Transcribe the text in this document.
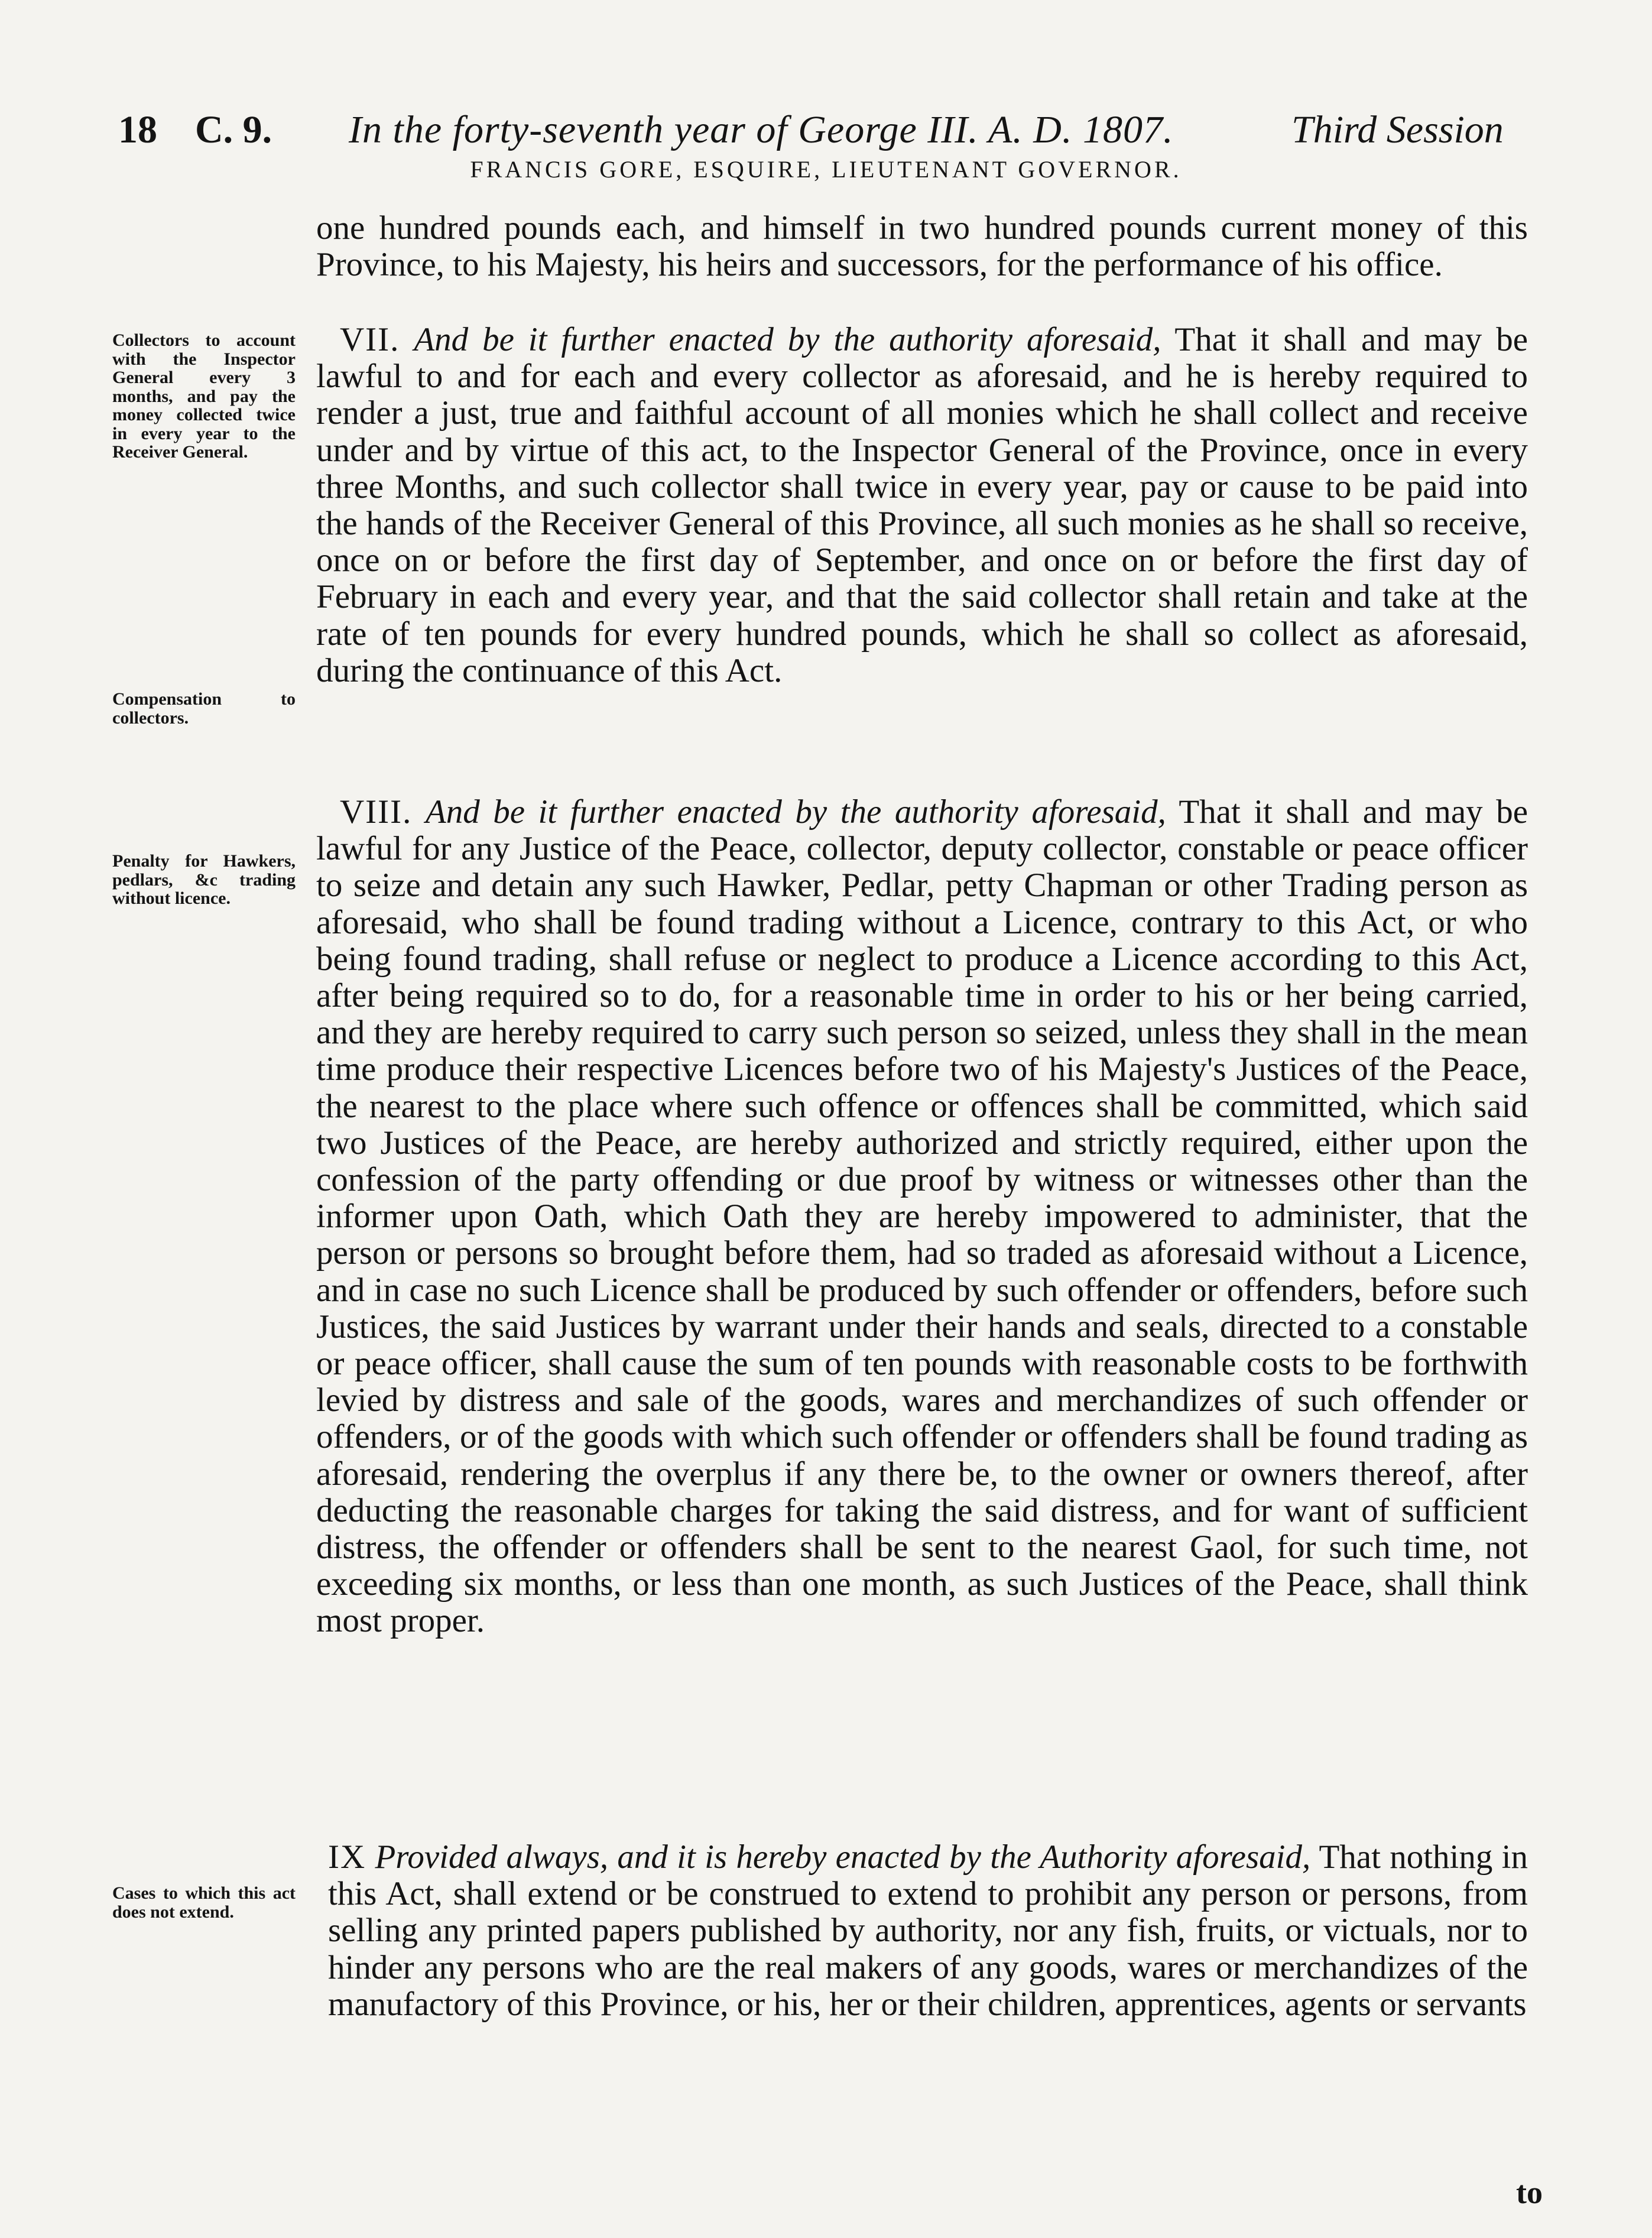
18 C. 9. In the forty-seventh year of George III. A. D. 1807.	Third Session
FRANCIS GORE, ESQUIRE, LIEUTENANT GOVERNOR.
Collectors to account with the Inspector General every 3 months, and pay the money collected twice in every year to the Receiver General.
Compensation to collectors.
Penalty for Hawkers, pedlars, &c trading without licence.
Cases to which this act does not extend.

one hundred pounds each, and himself in two hundred pounds current money of this Province, to his Majesty, his heirs and successors, for the performance of his office.

VII. And be it further enacted by the authority aforesaid, That it shall and may be lawful to and for each and every collector as aforesaid, and he is hereby required to render a just, true and faithful account of all monies which he shall collect and receive under and by virtue of this act, to the Inspector General of the Province, once in every three Months, and such collector shall twice in every year, pay or cause to be paid into the hands of the Receiver General of this Province, all such monies as he shall so receive, once on or before the first day of September, and once on or before the first day of February in each and every year, and that the said collector shall retain and take at the rate of ten pounds for every hundred pounds, which he shall so collect as aforesaid, during the continuance of this Act.

VIII. And be it further enacted by the authority aforesaid, That it shall and may be lawful for any Justice of the Peace, collector, deputy collector, constable or peace officer to seize and detain any such Hawker, Pedlar, petty Chapman or other Trading person as aforesaid, who shall be found trading without a Licence, contrary to this Act, or who being found trading, shall refuse or neglect to produce a Licence according to this Act, after being required so to do, for a reasonable time in order to his or her being carried, and they are hereby required to carry such person so seized, unless they shall in the mean time produce their respective Licences before two of his Majesty's Justices of the Peace, the nearest to the place where such offence or offences shall be committed, which said two Justices of the Peace, are hereby authorized and strictly required, either upon the confession of the party offending or due proof by witness or witnesses other than the informer upon Oath, which Oath they are hereby impowered to administer, that the person or persons so brought before them, had so traded as aforesaid without a Licence, and in case no such Licence shall be produced by such offender or offenders, before such Justices, the said Justices by warrant under their hands and seals, directed to a constable or peace officer, shall cause the sum of ten pounds with reasonable costs to be forthwith levied by distress and sale of the goods, wares and merchandizes of such offender or offenders, or of the goods with which such offender or offenders shall be found trading as aforesaid, rendering the overplus if any there be, to the owner or owners thereof, after deducting the reasonable charges for taking the said distress, and for want of sufficient distress, the offender or offenders shall be sent to the nearest Gaol, for such time, not exceeding six months, or less than one month, as such Justices of the Peace, shall think most proper.

IX Provided always, and it is hereby enacted by the Authority aforesaid, That nothing in this Act, shall extend or be construed to extend to prohibit any person or persons, from selling any printed papers published by authority, nor any fish, fruits, or victuals, nor to hinder any persons who are the real makers of any goods, wares or merchandizes of the manufactory of this Province, or his, her or their children, apprentices, agents or servants

to
